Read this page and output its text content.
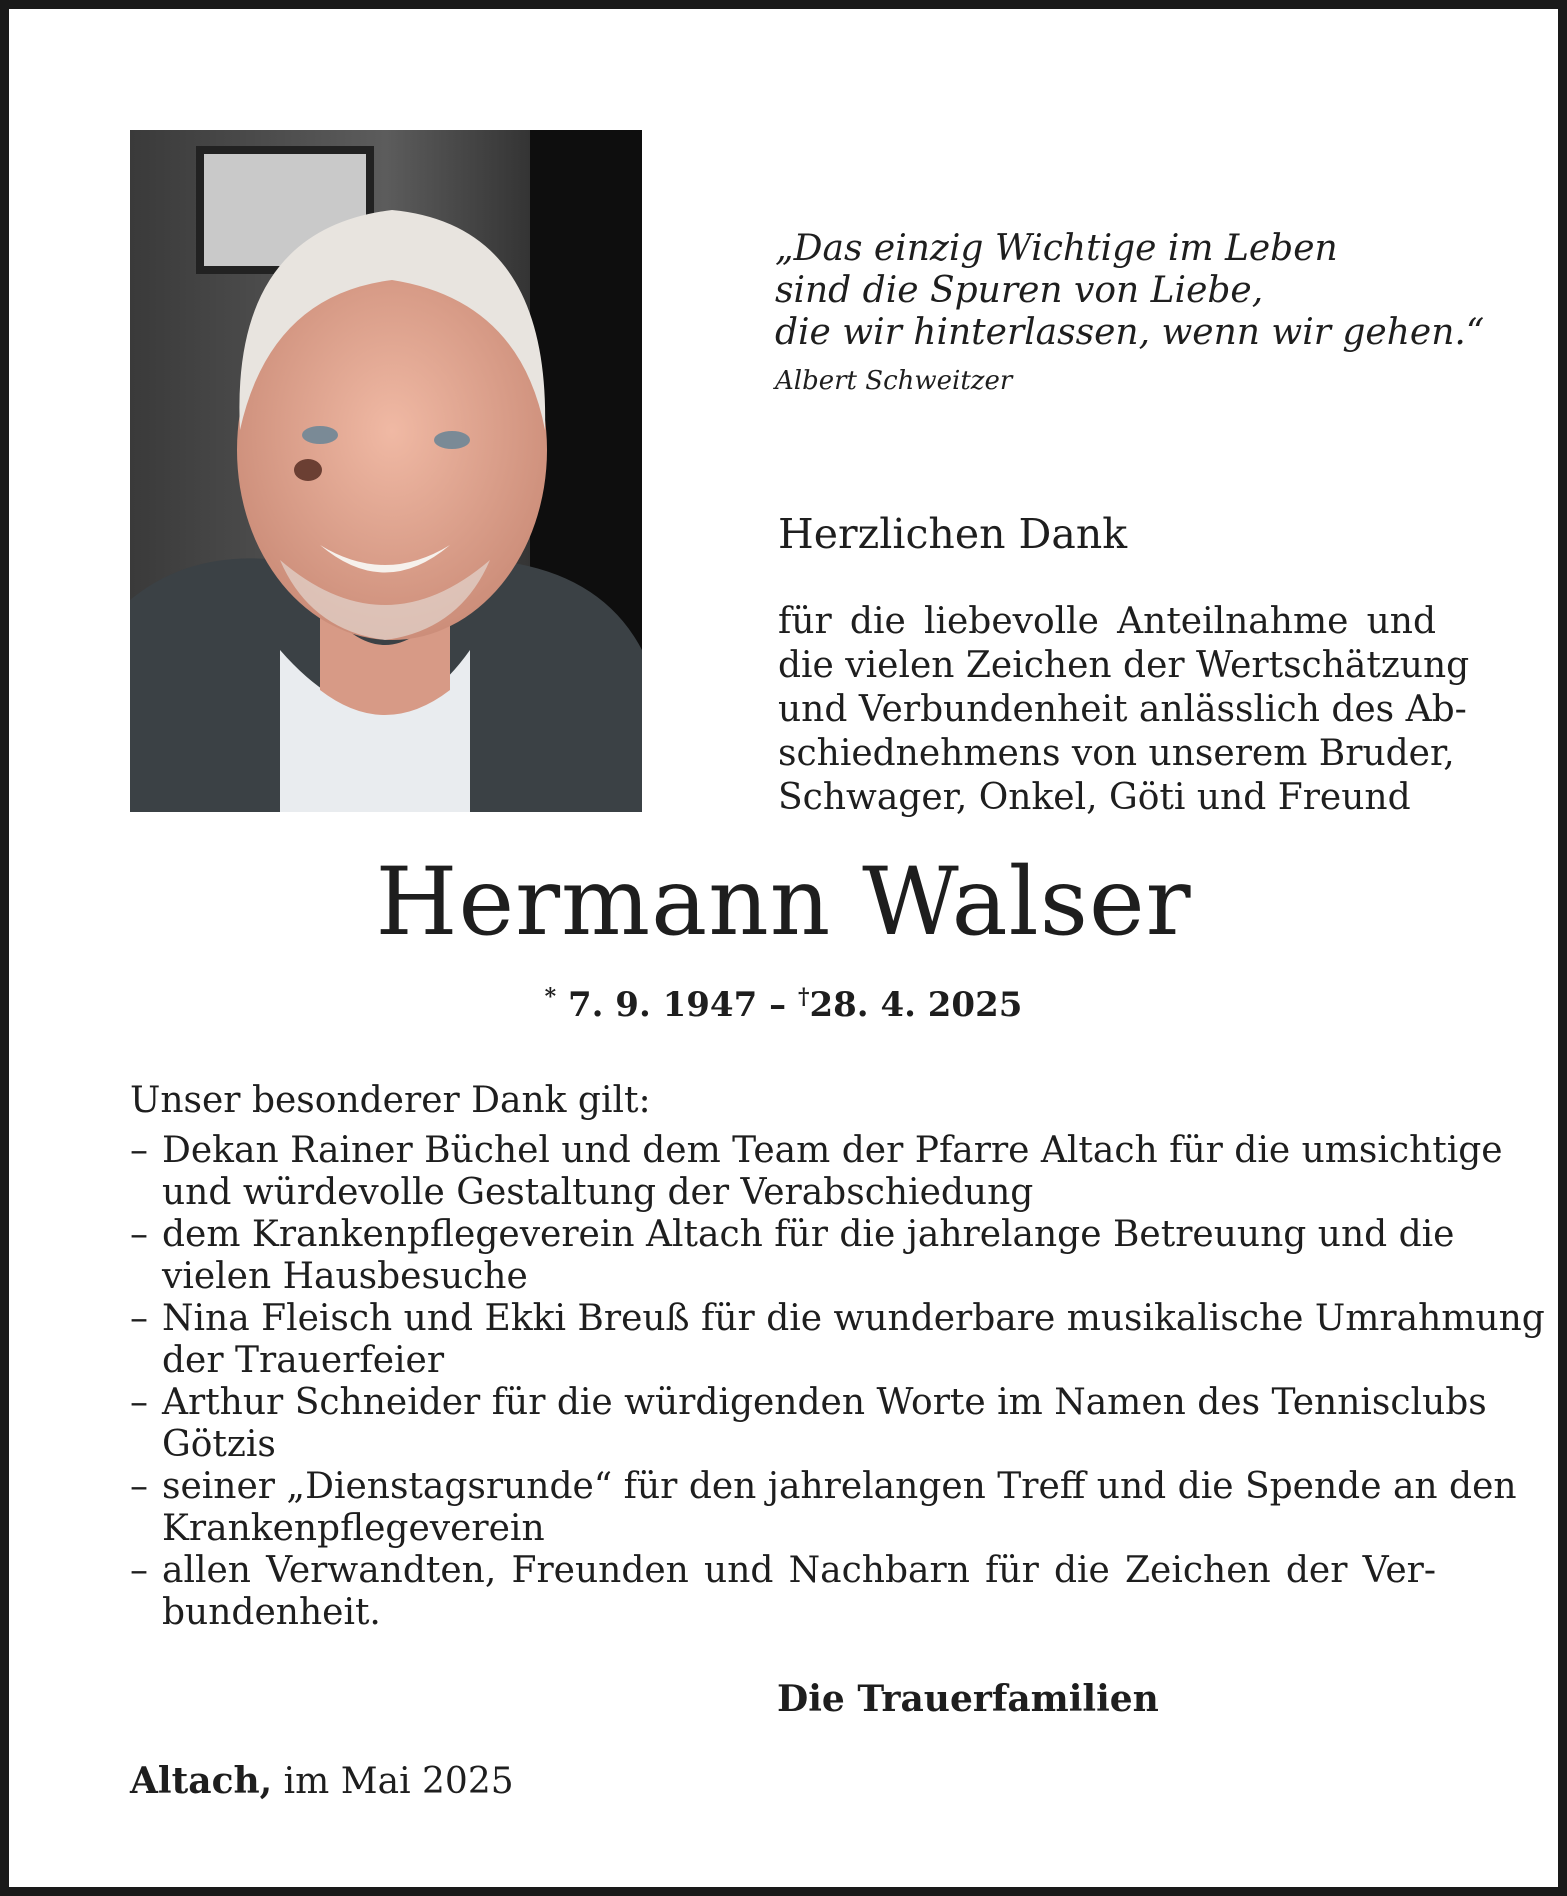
„Das einzig Wichtige im Leben
sind die Spuren von Liebe,
die wir hinterlassen, wenn wir gehen.“
Albert Schweitzer
Herzlichen Dank
für die liebevolle Anteilnahme und
die vielen Zeichen der Wertschätzung
und Verbundenheit anlässlich des Ab-
schiednehmens von unserem Bruder,
Schwager, Onkel, Göti und Freund
Hermann Walser
* 7. 9. 1947 – †28. 4. 2025
Unser besonderer Dank gilt:
– Dekan Rainer Büchel und dem Team der Pfarre Altach für die umsichtige
und würdevolle Gestaltung der Verabschiedung
– dem Krankenpflegeverein Altach für die jahrelange Betreuung und die
vielen Hausbesuche
– Nina Fleisch und Ekki Breuß für die wunderbare musikalische Umrahmung
der Trauerfeier
– Arthur Schneider für die würdigenden Worte im Namen des Tennisclubs
Götzis
– seiner „Dienstagsrunde“ für den jahrelangen Treff und die Spende an den
Krankenpflegeverein
– allen Verwandten, Freunden und Nachbarn für die Zeichen der Ver-
bundenheit.
Die Trauerfamilien
Altach, im Mai 2025
